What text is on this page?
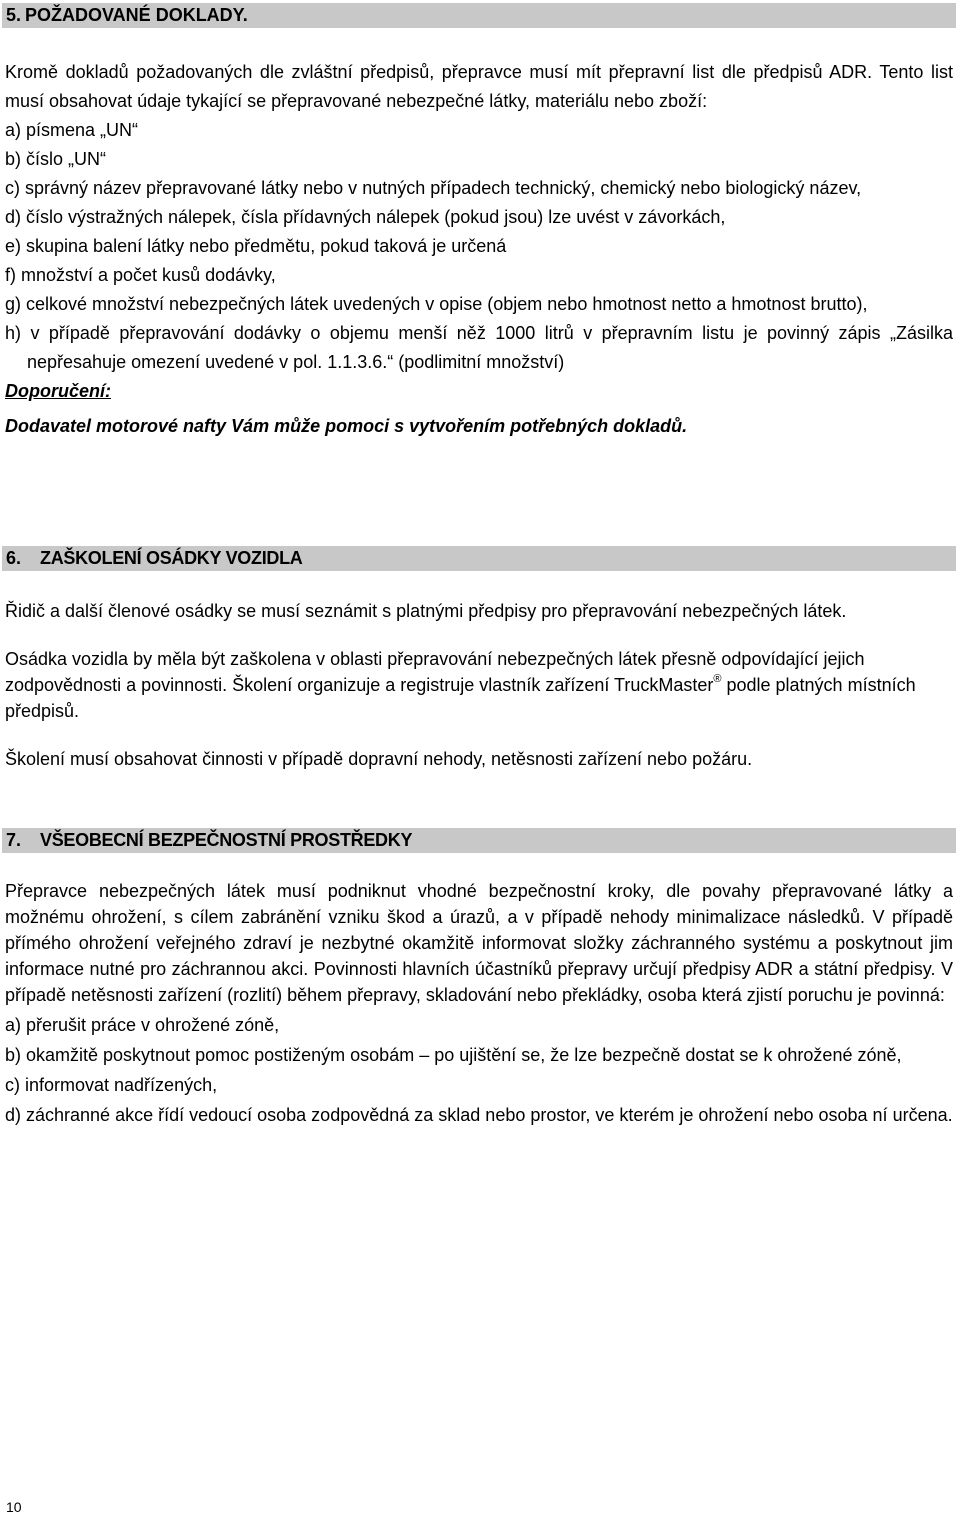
5. POŽADOVANÉ DOKLADY.

Kromě dokladů požadovaných dle zvláštní předpisů, přepravce musí mít přepravní list dle předpisů ADR. Tento list musí obsahovat údaje tykající se přepravované nebezpečné látky, materiálu nebo zboží:

a) písmena „UN“

b) číslo „UN“

c) správný název přepravované látky nebo v nutných případech technický, chemický nebo biologický název,

d) číslo výstražných nálepek, čísla přídavných nálepek (pokud jsou) lze uvést v závorkách,

e) skupina balení látky nebo předmětu, pokud taková je určená

f) množství a počet kusů dodávky,

g) celkové množství nebezpečných látek uvedených v opise (objem nebo hmotnost netto a hmotnost brutto),

h) v případě přepravování dodávky o objemu menší něž 1000 litrů v přepravním listu je povinný zápis „Zásilka nepřesahuje omezení uvedené v pol. 1.1.3.6.“ (podlimitní množství)

Doporučení:

Dodavatel motorové nafty Vám může pomoci s vytvořením potřebných dokladů.

6. ZAŠKOLENÍ OSÁDKY VOZIDLA

Řidič a další členové osádky se musí seznámit s platnými předpisy pro přepravování nebezpečných látek.

Osádka vozidla by měla být zaškolena v oblasti přepravování nebezpečných látek přesně odpovídající jejich zodpovědnosti a povinnosti. Školení organizuje a registruje vlastník zařízení TruckMaster® podle platných místních předpisů.

Školení musí obsahovat činnosti v případě dopravní nehody, netěsnosti zařízení nebo požáru.

7. VŠEOBECNÍ BEZPEČNOSTNÍ PROSTŘEDKY

Přepravce nebezpečných látek musí podniknut vhodné bezpečnostní kroky, dle povahy přepravované látky a možnému ohrožení, s cílem zabránění vzniku škod a úrazů, a v případě nehody minimalizace následků. V případě přímého ohrožení veřejného zdraví je nezbytné okamžitě informovat složky záchranného systému a poskytnout jim informace nutné pro záchrannou akci. Povinnosti hlavních účastníků přepravy určují předpisy ADR a státní předpisy. V případě netěsnosti zařízení (rozlití) během přepravy, skladování nebo překládky, osoba která zjistí poruchu je povinná:

a) přerušit práce v ohrožené zóně,

b) okamžitě poskytnout pomoc postiženým osobám – po ujištění se, že lze bezpečně dostat se k ohrožené zóně,

c) informovat nadřízených,

d) záchranné akce řídí vedoucí osoba zodpovědná za sklad nebo prostor, ve kterém je ohrožení nebo osoba ní určena.

10
